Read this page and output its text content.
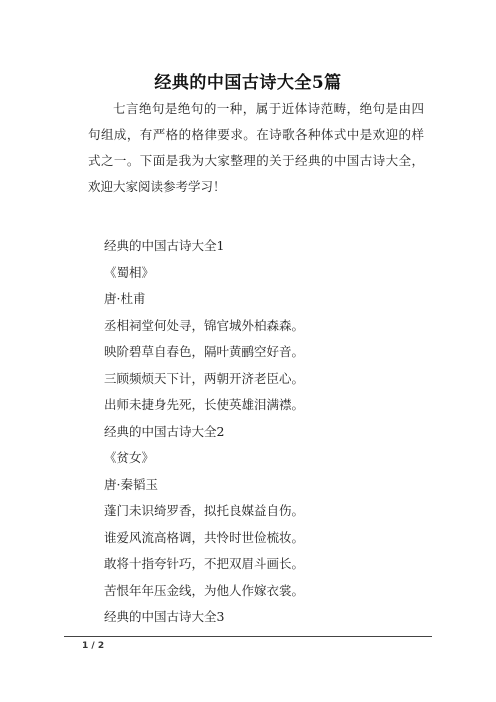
经典的中国古诗大全5篇
七言绝句是绝句的一种，属于近体诗范畴，绝句是由四句组成，有严格的格律要求。在诗歌各种体式中是欢迎的样式之一。下面是我为大家整理的关于经典的中国古诗大全，欢迎大家阅读参考学习！
经典的中国古诗大全1
《蜀相》
唐·杜甫
丞相祠堂何处寻，锦官城外柏森森。
映阶碧草自春色，隔叶黄鹂空好音。
三顾频烦天下计，两朝开济老臣心。
出师未捷身先死，长使英雄泪满襟。
经典的中国古诗大全2
《贫女》
唐·秦韬玉
蓬门未识绮罗香，拟托良媒益自伤。
谁爱风流高格调，共怜时世俭梳妆。
敢将十指夸针巧，不把双眉斗画长。
苦恨年年压金线，为他人作嫁衣裳。
经典的中国古诗大全3
1 / 2
